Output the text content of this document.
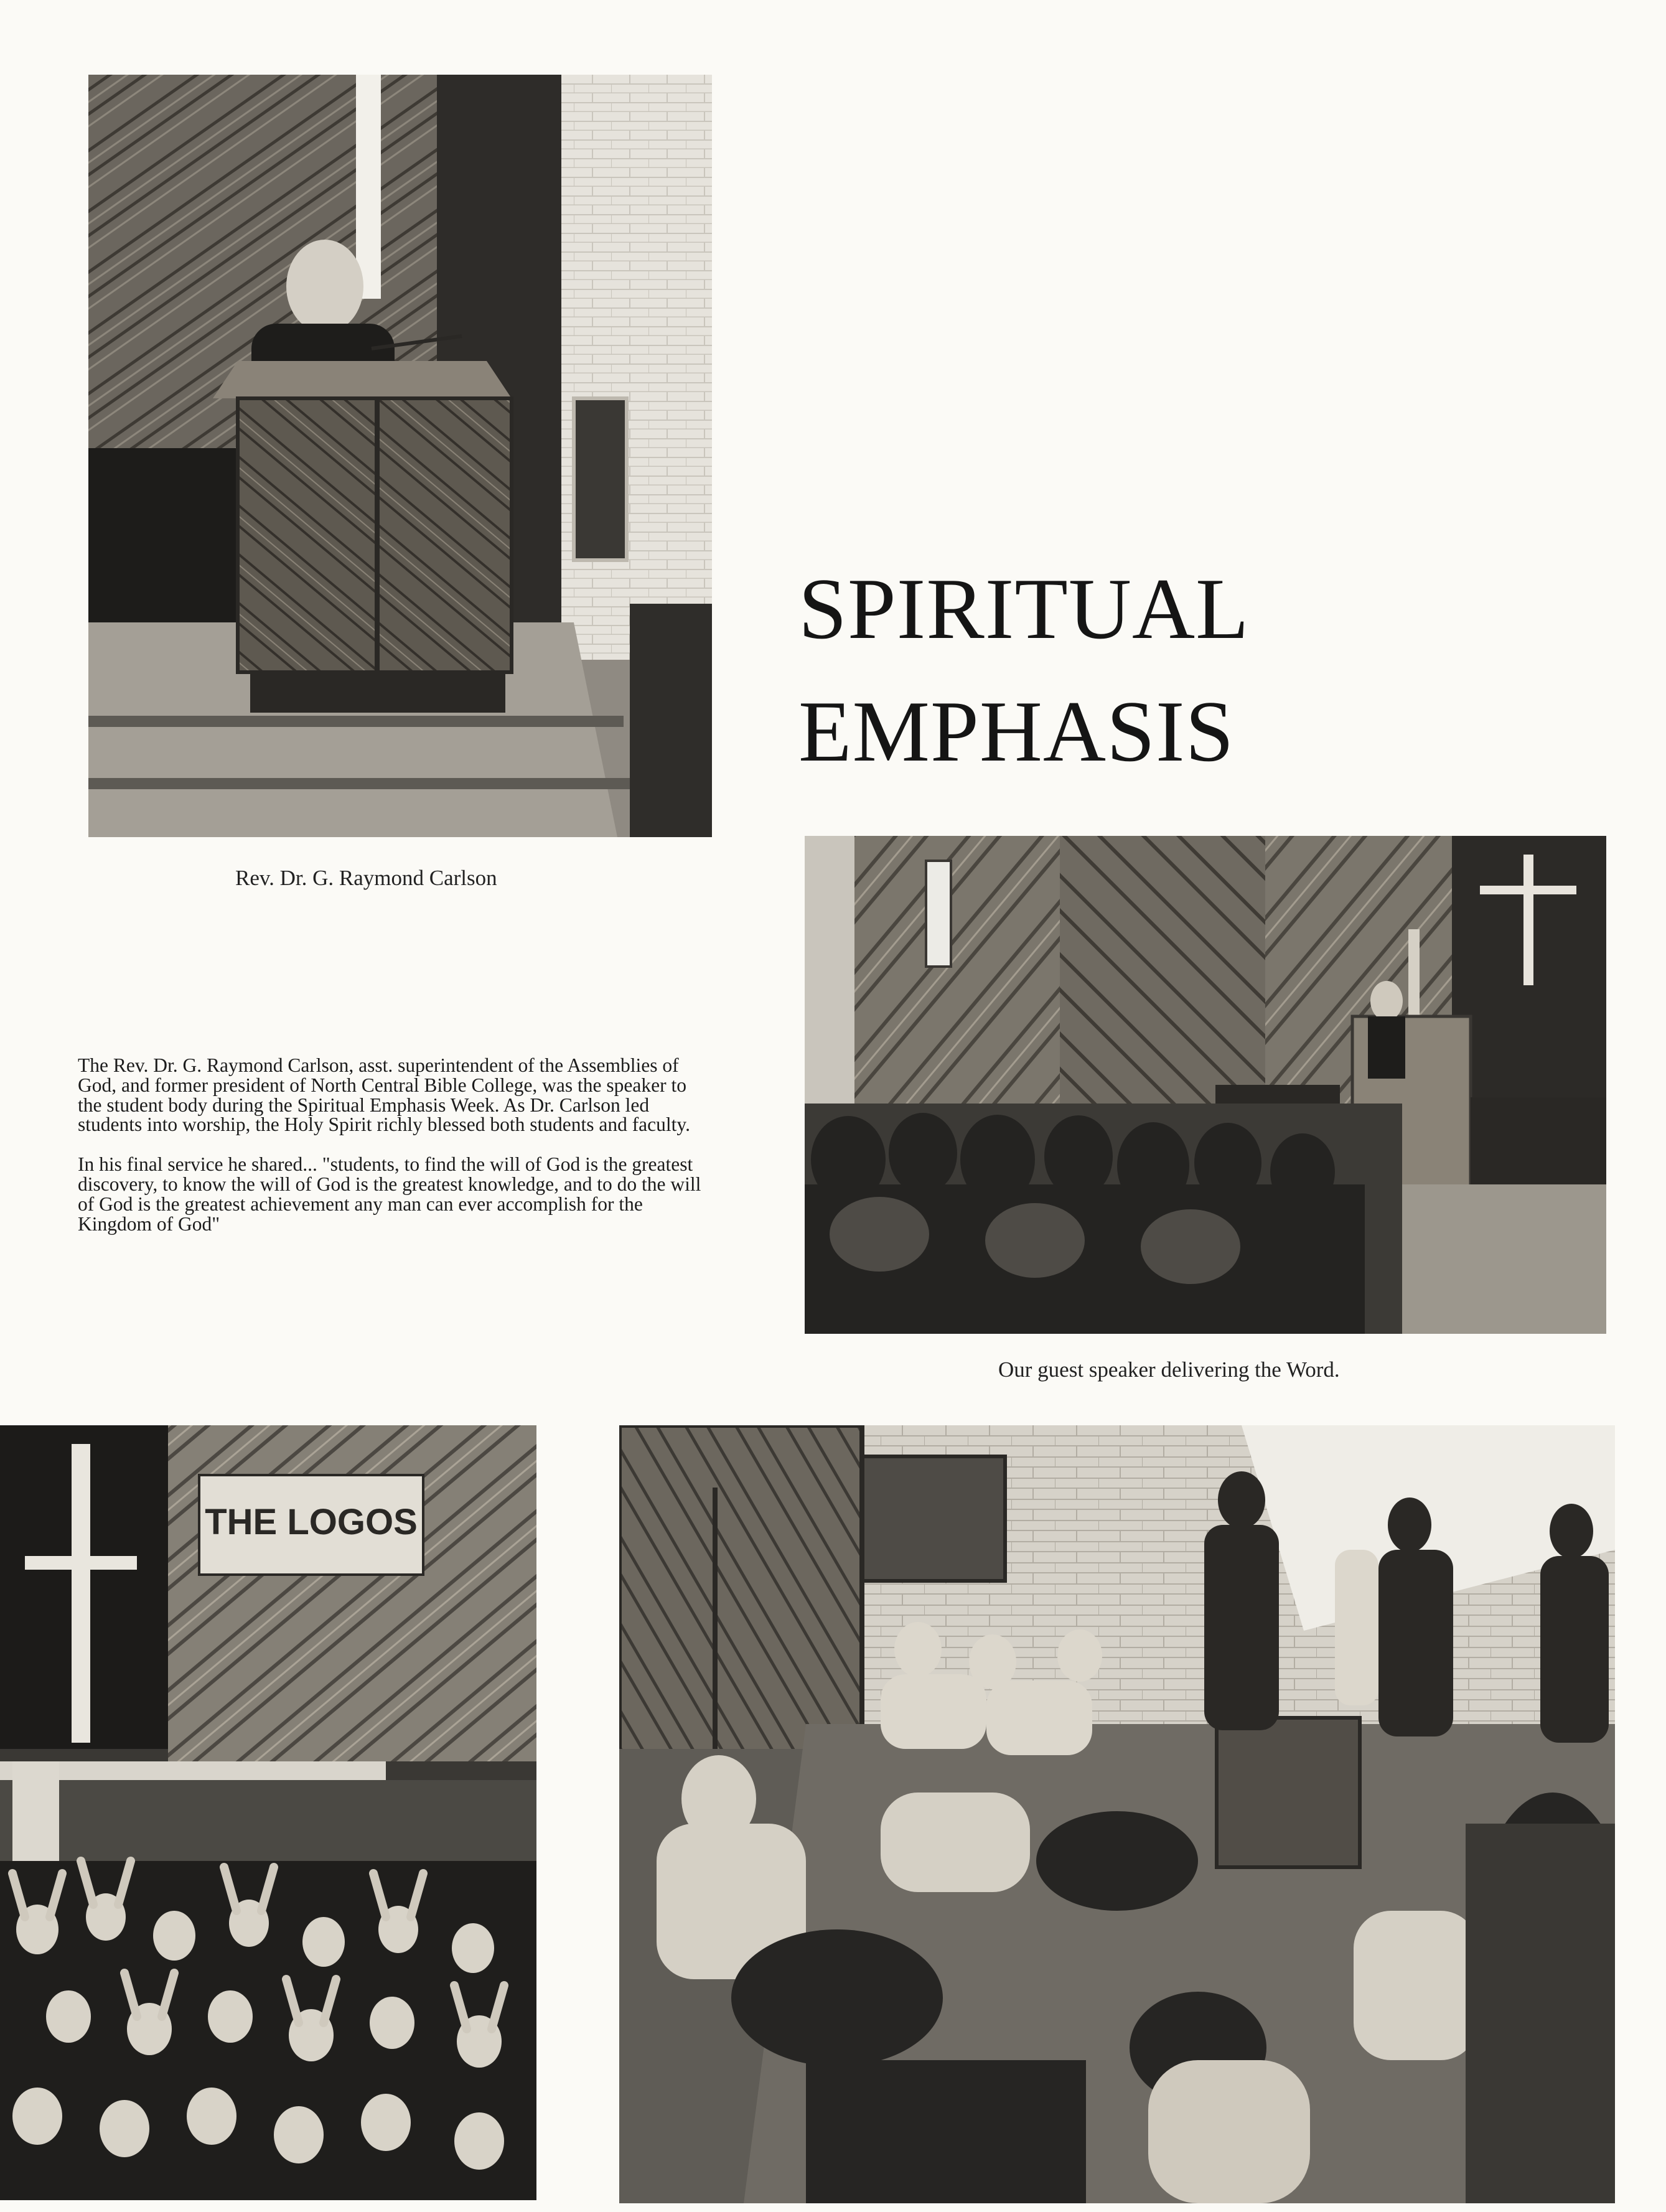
Rev. Dr. G. Raymond Carlson

SPIRITUAL
EMPHASIS

Our guest speaker delivering the Word.

The Rev. Dr. G. Raymond Carlson, asst. superintendent of the Assemblies of God, and former president of North Central Bible College, was the speaker to the student body during the Spiritual Emphasis Week. As Dr. Carlson led students into worship, the Holy Spirit richly blessed both students and faculty.

In his final service he shared... "students, to find the will of God is the greatest discovery, to know the will of God is the greatest knowledge, and to do the will of God is the greatest achievement any man can ever accomplish for the Kingdom of God"

THE LOGOS
